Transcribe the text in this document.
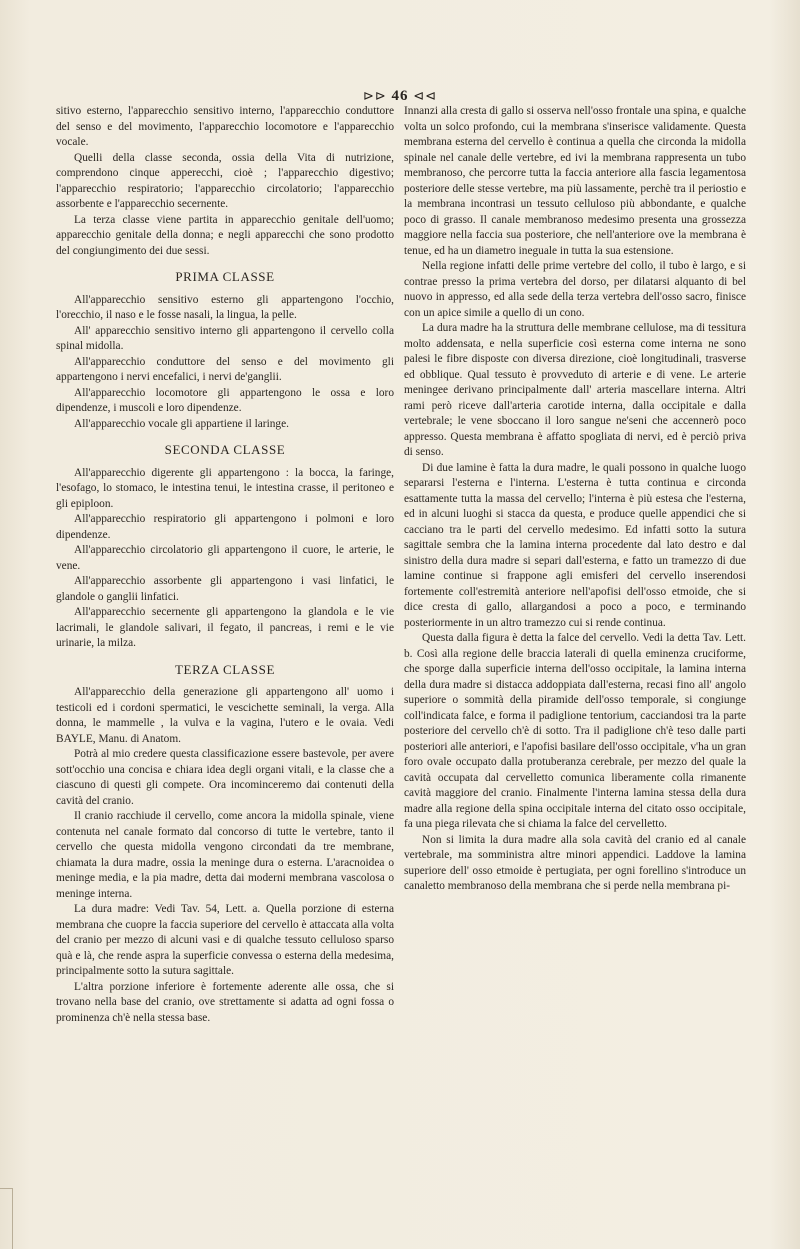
⊳⊳ 46 ⊲⊲

sitivo esterno, l'apparecchio sensitivo interno, l'apparecchio conduttore del senso e del movimento, l'apparecchio locomotore e l'apparecchio vocale.

Quelli della classe seconda, ossia della Vita di nutrizione, comprendono cinque apperecchi, cioè ; l'apparecchio digestivo; l'apparecchio respiratorio; l'apparecchio circolatorio; l'apparecchio assorbente e l'apparecchio secernente.

La terza classe viene partita in apparecchio genitale dell'uomo; apparecchio genitale della donna; e negli apparecchi che sono prodotto del congiungimento dei due sessi.

PRIMA CLASSE

All'apparecchio sensitivo esterno gli appartengono l'occhio, l'orecchio, il naso e le fosse nasali, la lingua, la pelle.

All' apparecchio sensitivo interno gli appartengono il cervello colla spinal midolla.

All'apparecchio conduttore del senso e del movimento gli appartengono i nervi encefalici, i nervi de'ganglii.

All'apparecchio locomotore gli appartengono le ossa e loro dipendenze, i muscoli e loro dipendenze.

All'apparecchio vocale gli appartiene il laringe.

SECONDA CLASSE

All'apparecchio digerente gli appartengono : la bocca, la faringe, l'esofago, lo stomaco, le intestina tenui, le intestina crasse, il peritoneo e gli epiploon.

All'apparecchio respiratorio gli appartengono i polmoni e loro dipendenze.

All'apparecchio circolatorio gli appartengono il cuore, le arterie, le vene.

All'apparecchio assorbente gli appartengono i vasi linfatici, le glandole o ganglii linfatici.

All'apparecchio secernente gli appartengono la glandola e le vie lacrimali, le glandole salivari, il fegato, il pancreas, i remi e le vie urinarie, la milza.

TERZA CLASSE

All'apparecchio della generazione gli appartengono all' uomo i testicoli ed i cordoni spermatici, le vescichette seminali, la verga. Alla donna, le mammelle , la vulva e la vagina, l'utero e le ovaia. Vedi BAYLE, Manu. di Anatom.

Potrà al mio credere questa classificazione essere bastevole, per avere sott'occhio una concisa e chiara idea degli organi vitali, e la classe che a ciascuno di questi gli compete. Ora incominceremo dai contenuti della cavità del cranio.

Il cranio racchiude il cervello, come ancora la midolla spinale, viene contenuta nel canale formato dal concorso di tutte le vertebre, tanto il cervello che questa midolla vengono circondati da tre membrane, chiamata la dura madre, ossia la meninge dura o esterna. L'aracnoidea o meninge media, e la pia madre, detta dai moderni membrana vascolosa o meninge interna.

La dura madre: Vedi Tav. 54, Lett. a. Quella porzione di esterna membrana che cuopre la faccia superiore del cervello è attaccata alla volta del cranio per mezzo di alcuni vasi e di qualche tessuto celluloso sparso quà e là, che rende aspra la superficie convessa o esterna della medesima, principalmente sotto la sutura sagittale.

L'altra porzione inferiore è fortemente aderente alle ossa, che si trovano nella base del cranio, ove strettamente si adatta ad ogni fossa o prominenza ch'è nella stessa base.

Innanzi alla cresta di gallo si osserva nell'osso frontale una spina, e qualche volta un solco profondo, cui la membrana s'inserisce validamente. Questa membrana esterna del cervello è continua a quella che circonda la midolla spinale nel canale delle vertebre, ed ivi la membrana rappresenta un tubo membranoso, che percorre tutta la faccia anteriore alla fascia legamentosa posteriore delle stesse vertebre, ma più lassamente, perchè tra il periostio e la membrana incontrasi un tessuto celluloso più abbondante, e qualche poco di grasso. Il canale membranoso medesimo presenta una grossezza maggiore nella faccia sua posteriore, che nell'anteriore ove la membrana è tenue, ed ha un diametro ineguale in tutta la sua estensione.

Nella regione infatti delle prime vertebre del collo, il tubo è largo, e si contrae presso la prima vertebra del dorso, per dilatarsi alquanto di bel nuovo in appresso, ed alla sede della terza vertebra dell'osso sacro, finisce con un apice simile a quello di un cono.

La dura madre ha la struttura delle membrane cellulose, ma di tessitura molto addensata, e nella superficie così esterna come interna ne sono palesi le fibre disposte con diversa direzione, cioè longitudinali, trasverse ed obblique. Qual tessuto è provveduto di arterie e di vene. Le arterie meningee derivano principalmente dall' arteria mascellare interna. Altri rami però riceve dall'arteria carotide interna, dalla occipitale e dalla vertebrale; le vene sboccano il loro sangue ne'seni che accennerò poco appresso. Questa membrana è affatto spogliata di nervi, ed è perciò priva di senso.

Di due lamine è fatta la dura madre, le quali possono in qualche luogo separarsi l'esterna e l'interna. L'esterna è tutta continua e circonda esattamente tutta la massa del cervello; l'interna è più estesa che l'esterna, ed in alcuni luoghi si stacca da questa, e produce quelle appendici che si cacciano tra le parti del cervello medesimo. Ed infatti sotto la sutura sagittale sembra che la lamina interna procedente dal lato destro e dal sinistro della dura madre si separi dall'esterna, e fatto un tramezzo di due lamine continue si frappone agli emisferi del cervello inserendosi fortemente coll'estremità anteriore nell'apofisi dell'osso etmoide, che si dice cresta di gallo, allargandosi a poco a poco, e terminando posteriormente in un altro tramezzo cui si rende continua.

Questa dalla figura è detta la falce del cervello. Vedi la detta Tav. Lett. b. Così alla regione delle braccia laterali di quella eminenza cruciforme, che sporge dalla superficie interna dell'osso occipitale, la lamina interna della dura madre si distacca addoppiata dall'esterna, recasi fino all' angolo superiore o sommità della piramide dell'osso temporale, si congiunge coll'indicata falce, e forma il padiglione tentorium, cacciandosi tra la parte posteriore del cervello ch'è di sotto. Tra il padiglione ch'è teso dalle parti posteriori alle anteriori, e l'apofisi basilare dell'osso occipitale, v'ha un gran foro ovale occupato dalla protuberanza cerebrale, per mezzo del quale la cavità occupata dal cervelletto comunica liberamente colla rimanente cavità maggiore del cranio. Finalmente l'interna lamina stessa della dura madre alla regione della spina occipitale interna del citato osso occipitale, fa una piega rilevata che si chiama la falce del cervelletto.

Non si limita la dura madre alla sola cavità del cranio ed al canale vertebrale, ma somministra altre minori appendici. Laddove la lamina superiore dell' osso etmoide è pertugiata, per ogni forellino s'introduce un canaletto membranoso della membrana che si perde nella membrana pi-
